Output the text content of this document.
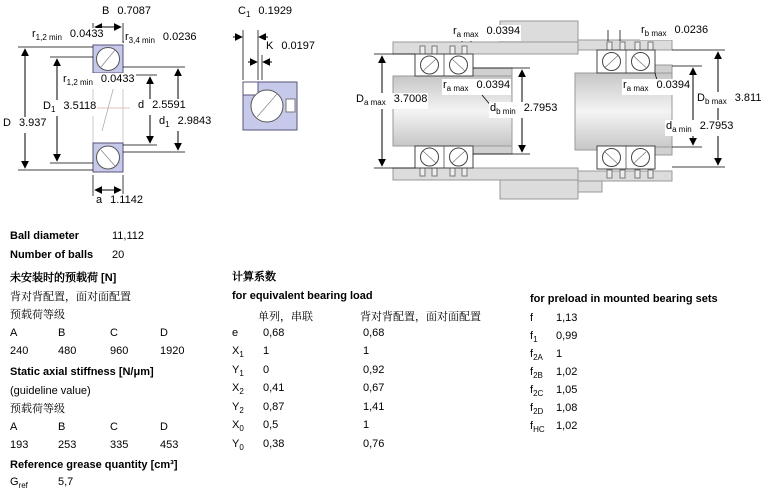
B 0.7087
$r_{1,2 min}$ 0.0433 $r_{3,4 min}$ 0.0236
$r_{1,2 min}$ 0.0433
$D_1$ 3.5118	d 2.5591
D 3.937	$d_1$ 2.9843
a 1.1142
$C_1$ 0.1929
K 0.0197
$r_{a max}$ 0.0394
$r_{a max}$ 0.0394
$D_{a max}$ 3.7008
$d_{b min}$ 2.7953
$r_{b max}$ 0.0236
$r_{a max}$ 0.0394
$D_{b max}$ 3.811
$d_{a min}$ 2.7953
Ball diameter	11,112
Number of balls 20
未安装时的预载荷 [N]
背对背配置，面对面配置
预载荷等级
A	B	C	D
240	480	960	1920
Static axial stiffness [N/μm]
(guideline value)
预载荷等级
A	B	C	D
193	253	335	453
Reference grease quantity [cm³]
$G_{ref}$	5,7
计算系数
for equivalent bearing load
单列，串联	背对背配置，面对面配置
e 0,68	0,68
$X_1$ 1	1
$Y_1$ 0	0,92
$X_2$ 0,41	0,67
$Y_2$ 0,87	1,41
$X_0$ 0,5	1
$Y_0$ 0,38	0,76
for preload in mounted bearing sets
f 1,13
$f_1$ 0,99
$f_{2A}$ 1
$f_{2B}$ 1,02
$f_{2C}$ 1,05
$f_{2D}$ 1,08
$f_{HC}$ 1,02
